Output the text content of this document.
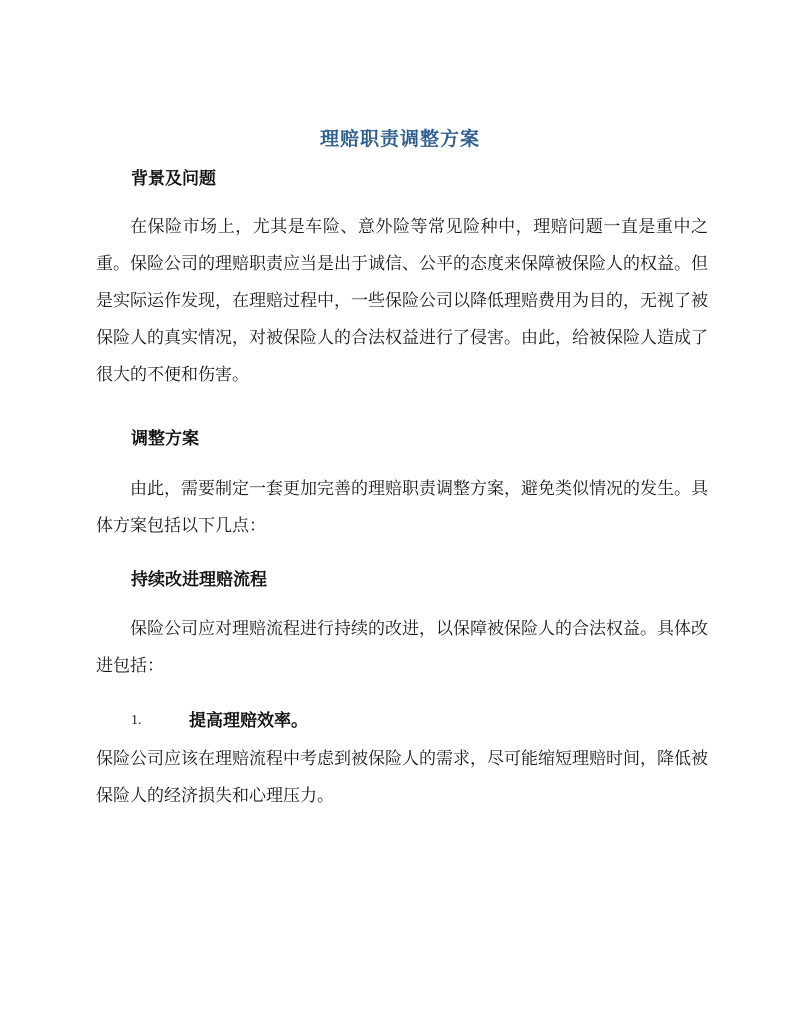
理赔职责调整方案
背景及问题
在保险市场上，尤其是车险、意外险等常见险种中，理赔问题一直是重中之重。保险公司的理赔职责应当是出于诚信、公平的态度来保障被保险人的权益。但是实际运作发现，在理赔过程中，一些保险公司以降低理赔费用为目的，无视了被保险人的真实情况，对被保险人的合法权益进行了侵害。由此，给被保险人造成了很大的不便和伤害。
调整方案
由此，需要制定一套更加完善的理赔职责调整方案，避免类似情况的发生。具体方案包括以下几点：
持续改进理赔流程
保险公司应对理赔流程进行持续的改进，以保障被保险人的合法权益。具体改进包括：
1.	提高理赔效率。
保险公司应该在理赔流程中考虑到被保险人的需求，尽可能缩短理赔时间，降低被保险人的经济损失和心理压力。
